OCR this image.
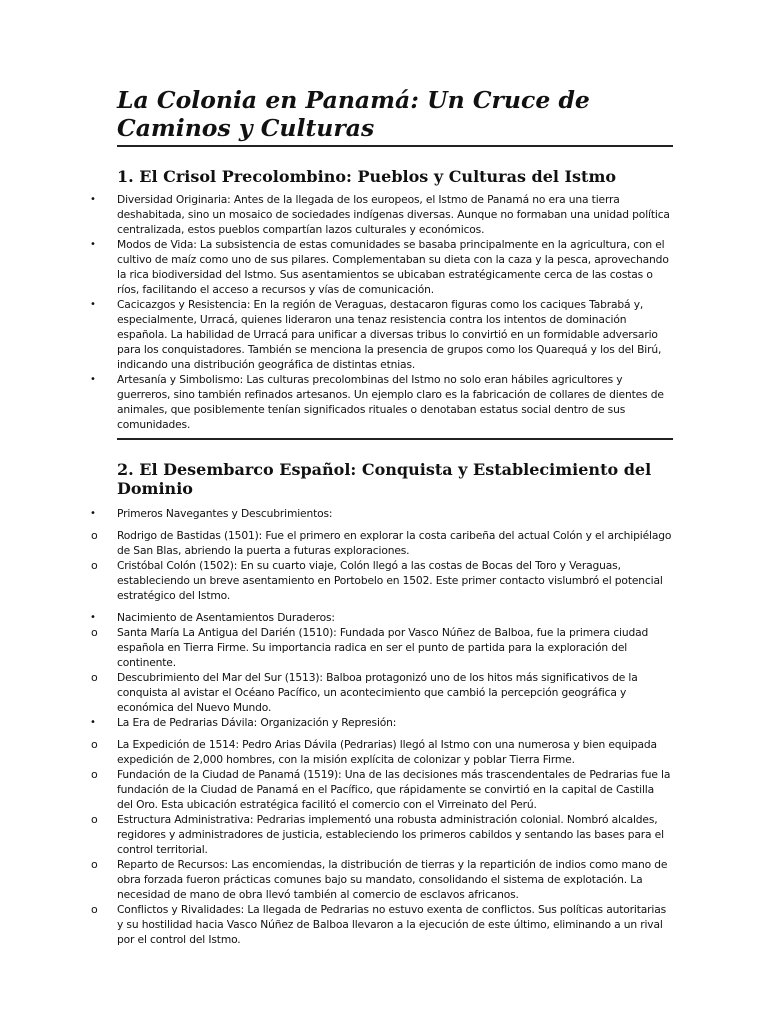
La Colonia en Panamá: Un Cruce de
Caminos y Culturas
1. El Crisol Precolombino: Pueblos y Culturas del Istmo
• Diversidad Originaria: Antes de la llegada de los europeos, el Istmo de Panamá no era una tierra deshabitada, sino un mosaico de sociedades indígenas diversas. Aunque no formaban una unidad política centralizada, estos pueblos compartían lazos culturales y económicos.
• Modos de Vida: La subsistencia de estas comunidades se basaba principalmente en la agricultura, con el cultivo de maíz como uno de sus pilares. Complementaban su dieta con la caza y la pesca, aprovechando la rica biodiversidad del Istmo. Sus asentamientos se ubicaban estratégicamente cerca de las costas o ríos, facilitando el acceso a recursos y vías de comunicación.
• Cacicazgos y Resistencia: En la región de Veraguas, destacaron figuras como los caciques Tabrabá y, especialmente, Urracá, quienes lideraron una tenaz resistencia contra los intentos de dominación española. La habilidad de Urracá para unificar a diversas tribus lo convirtió en un formidable adversario para los conquistadores. También se menciona la presencia de grupos como los Quarequá y los del Birú, indicando una distribución geográfica de distintas etnias.
• Artesanía y Simbolismo: Las culturas precolombinas del Istmo no solo eran hábiles agricultores y guerreros, sino también refinados artesanos. Un ejemplo claro es la fabricación de collares de dientes de animales, que posiblemente tenían significados rituales o denotaban estatus social dentro de sus comunidades.
2. El Desembarco Español: Conquista y Establecimiento del Dominio
• Primeros Navegantes y Descubrimientos:
o Rodrigo de Bastidas (1501): Fue el primero en explorar la costa caribeña del actual Colón y el archipiélago de San Blas, abriendo la puerta a futuras exploraciones.
o Cristóbal Colón (1502): En su cuarto viaje, Colón llegó a las costas de Bocas del Toro y Veraguas, estableciendo un breve asentamiento en Portobelo en 1502. Este primer contacto vislumbró el potencial estratégico del Istmo.
• Nacimiento de Asentamientos Duraderos:
o Santa María La Antigua del Darién (1510): Fundada por Vasco Núñez de Balboa, fue la primera ciudad española en Tierra Firme. Su importancia radica en ser el punto de partida para la exploración del continente.
o Descubrimiento del Mar del Sur (1513): Balboa protagonizó uno de los hitos más significativos de la conquista al avistar el Océano Pacífico, un acontecimiento que cambió la percepción geográfica y económica del Nuevo Mundo.
• La Era de Pedrarias Dávila: Organización y Represión:
o La Expedición de 1514: Pedro Arias Dávila (Pedrarias) llegó al Istmo con una numerosa y bien equipada expedición de 2,000 hombres, con la misión explícita de colonizar y poblar Tierra Firme.
o Fundación de la Ciudad de Panamá (1519): Una de las decisiones más trascendentales de Pedrarias fue la fundación de la Ciudad de Panamá en el Pacífico, que rápidamente se convirtió en la capital de Castilla del Oro. Esta ubicación estratégica facilitó el comercio con el Virreinato del Perú.
o Estructura Administrativa: Pedrarias implementó una robusta administración colonial. Nombró alcaldes, regidores y administradores de justicia, estableciendo los primeros cabildos y sentando las bases para el control territorial.
o Reparto de Recursos: Las encomiendas, la distribución de tierras y la repartición de indios como mano de obra forzada fueron prácticas comunes bajo su mandato, consolidando el sistema de explotación. La necesidad de mano de obra llevó también al comercio de esclavos africanos.
o Conflictos y Rivalidades: La llegada de Pedrarias no estuvo exenta de conflictos. Sus políticas autoritarias y su hostilidad hacia Vasco Núñez de Balboa llevaron a la ejecución de este último, eliminando a un rival por el control del Istmo.
